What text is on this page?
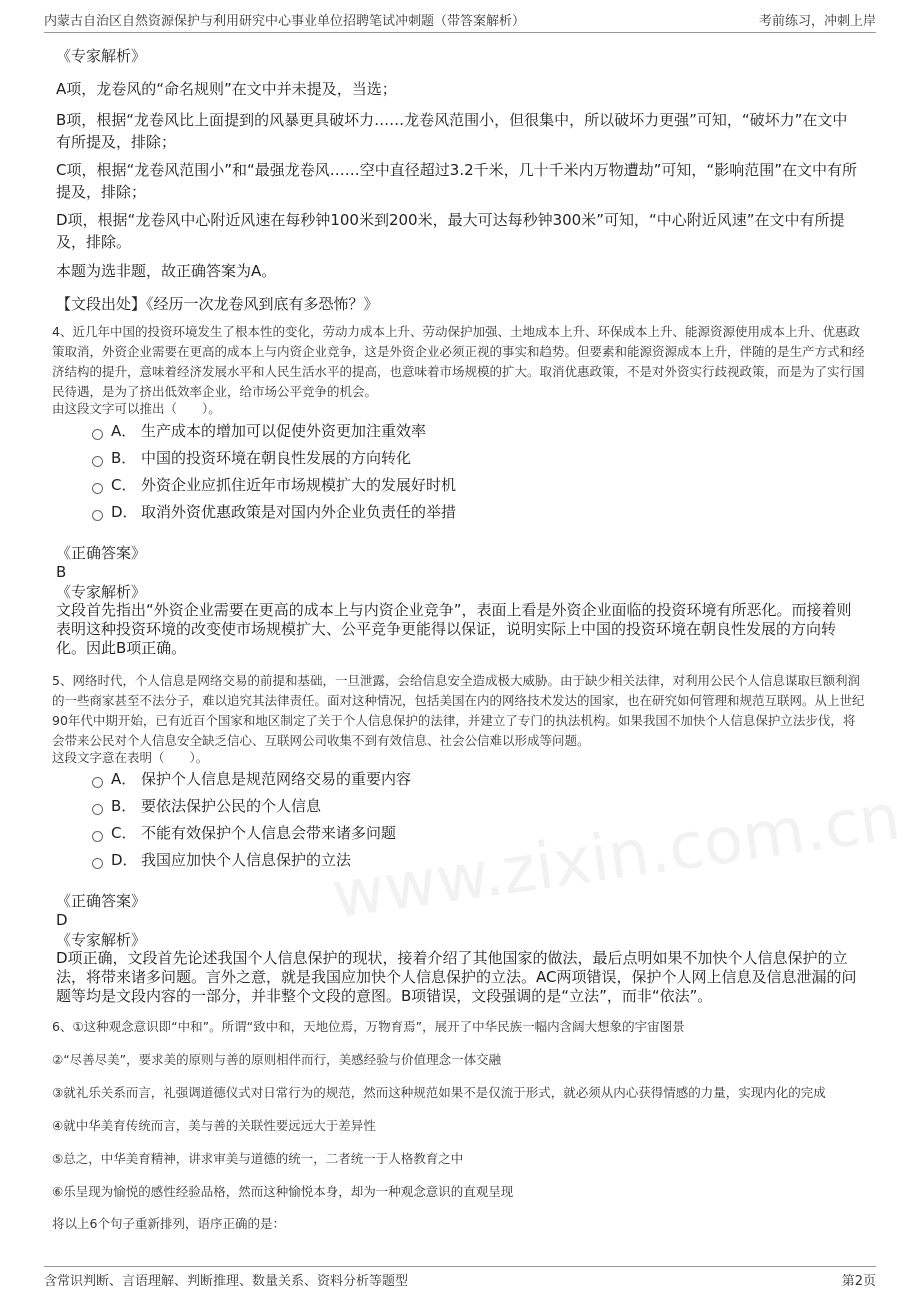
内蒙古自治区自然资源保护与利用研究中心事业单位招聘笔试冲刺题（带答案解析）	考前练习，冲刺上岸
www.zixin.com.cn
《专家解析》
A项，龙卷风的“命名规则”在文中并未提及，当选；
B项，根据“龙卷风比上面提到的风暴更具破坏力……龙卷风范围小，但很集中，所以破坏力更强”可知，“破坏力”在文中有所提及，排除；
C项，根据“龙卷风范围小”和“最强龙卷风……空中直径超过3.2千米，几十千米内万物遭劫”可知，“影响范围”在文中有所提及，排除；
D项，根据“龙卷风中心附近风速在每秒钟100米到200米，最大可达每秒钟300米”可知，“中心附近风速”在文中有所提及，排除。
本题为选非题，故正确答案为A。
【文段出处】《经历一次龙卷风到底有多恐怖？》
4、近几年中国的投资环境发生了根本性的变化，劳动力成本上升、劳动保护加强、土地成本上升、环保成本上升、能源资源使用成本上升、优惠政策取消，外资企业需要在更高的成本上与内资企业竞争，这是外资企业必须正视的事实和趋势。但要素和能源资源成本上升，伴随的是生产方式和经济结构的提升，意味着经济发展水平和人民生活水平的提高，也意味着市场规模的扩大。取消优惠政策，不是对外资实行歧视政策，而是为了实行国民待遇，是为了挤出低效率企业，给市场公平竞争的机会。
由这段文字可以推出（　　）。
A． 生产成本的增加可以促使外资更加注重效率
B． 中国的投资环境在朝良性发展的方向转化
C． 外资企业应抓住近年市场规模扩大的发展好时机
D． 取消外资优惠政策是对国内外企业负责任的举措
《正确答案》
B
《专家解析》
文段首先指出“外资企业需要在更高的成本上与内资企业竞争”，表面上看是外资企业面临的投资环境有所恶化。而接着则表明这种投资环境的改变使市场规模扩大、公平竞争更能得以保证，说明实际上中国的投资环境在朝良性发展的方向转化。因此B项正确。
5、网络时代，个人信息是网络交易的前提和基础，一旦泄露，会给信息安全造成极大威胁。由于缺少相关法律，对利用公民个人信息谋取巨额利润的一些商家甚至不法分子，难以追究其法律责任。面对这种情况，包括美国在内的网络技术发达的国家，也在研究如何管理和规范互联网。从上世纪90年代中期开始，已有近百个国家和地区制定了关于个人信息保护的法律，并建立了专门的执法机构。如果我国不加快个人信息保护立法步伐，将会带来公民对个人信息安全缺乏信心、互联网公司收集不到有效信息、社会公信难以形成等问题。
这段文字意在表明（　　）。
A． 保护个人信息是规范网络交易的重要内容
B． 要依法保护公民的个人信息
C． 不能有效保护个人信息会带来诸多问题
D． 我国应加快个人信息保护的立法
《正确答案》
D
《专家解析》
D项正确，文段首先论述我国个人信息保护的现状，接着介绍了其他国家的做法，最后点明如果不加快个人信息保护的立法，将带来诸多问题。言外之意，就是我国应加快个人信息保护的立法。AC两项错误，保护个人网上信息及信息泄漏的问题等均是文段内容的一部分，并非整个文段的意图。B项错误，文段强调的是“立法”，而非“依法”。
6、①这种观念意识即“中和”。所谓“致中和，天地位焉，万物育焉”，展开了中华民族一幅内含阔大想象的宇宙图景
②“尽善尽美”，要求美的原则与善的原则相伴而行，美感经验与价值理念一体交融
③就礼乐关系而言，礼强调道德仪式对日常行为的规范，然而这种规范如果不是仅流于形式，就必须从内心获得情感的力量，实现内化的完成
④就中华美育传统而言，美与善的关联性要远远大于差异性
⑤总之，中华美育精神，讲求审美与道德的统一，二者统一于人格教育之中
⑥乐呈现为愉悦的感性经验品格，然而这种愉悦本身，却为一种观念意识的直观呈现
将以上6个句子重新排列，语序正确的是：
含常识判断、言语理解、判断推理、数量关系、资料分析等题型	第2页
